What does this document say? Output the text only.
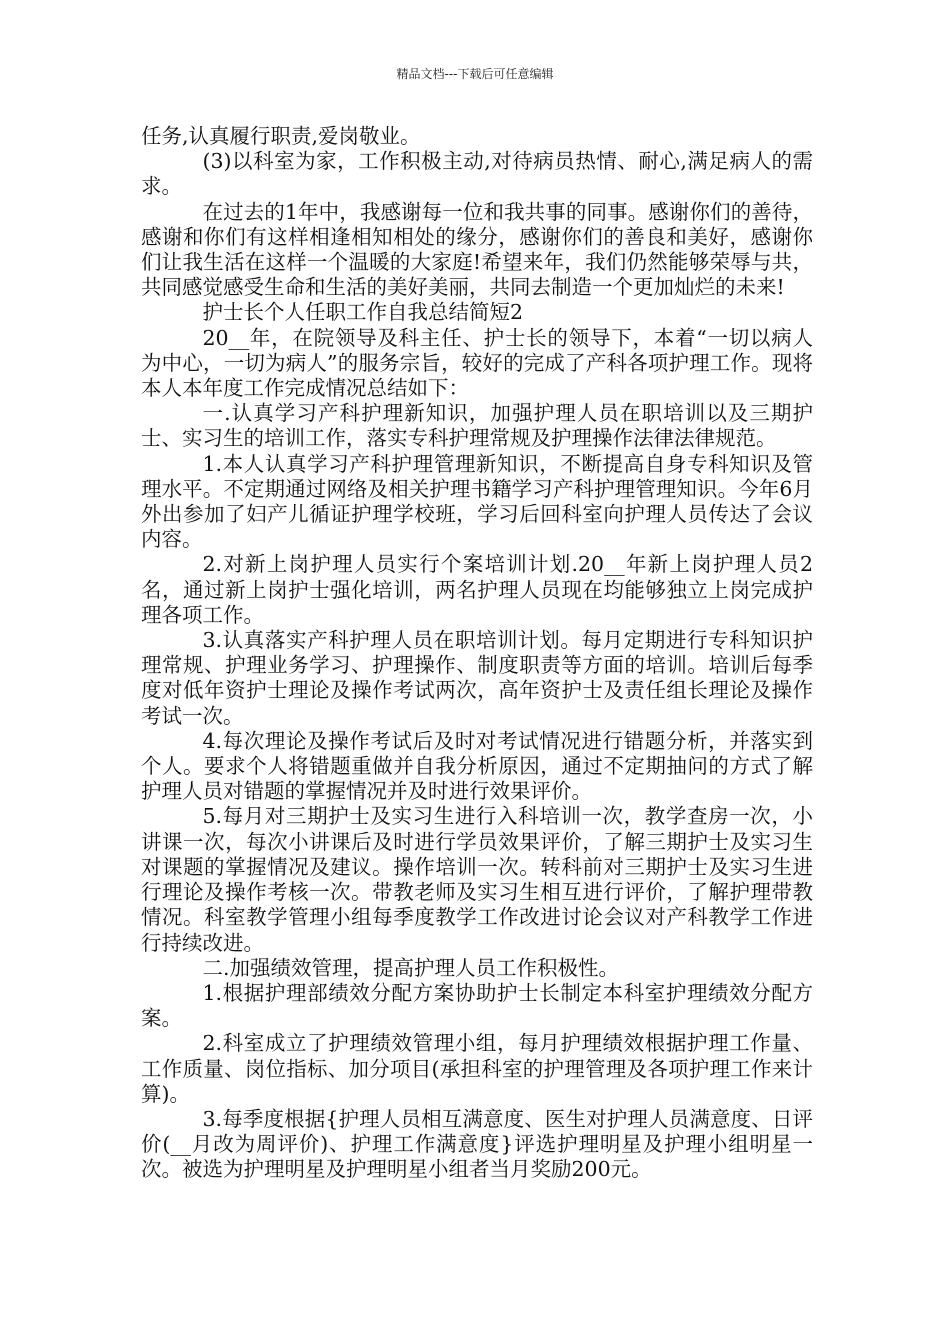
精品文档---下载后可任意编辑

任务,认真履行职责,爱岗敬业。

(3)以科室为家，工作积极主动,对待病员热情、耐心,满足病人的需求。

在过去的1年中，我感谢每一位和我共事的同事。感谢你们的善待，感谢和你们有这样相逢相知相处的缘分，感谢你们的善良和美好，感谢你们让我生活在这样一个温暖的大家庭!希望来年，我们仍然能够荣辱与共，共同感觉感受生命和生活的美好美丽，共同去制造一个更加灿烂的未来!

护士长个人任职工作自我总结简短2

20__年，在院领导及科主任、护士长的领导下，本着“一切以病人为中心，一切为病人”的服务宗旨，较好的完成了产科各项护理工作。现将本人本年度工作完成情况总结如下：

一.认真学习产科护理新知识，加强护理人员在职培训以及三期护士、实习生的培训工作，落实专科护理常规及护理操作法律法律规范。

1.本人认真学习产科护理管理新知识，不断提高自身专科知识及管理水平。不定期通过网络及相关护理书籍学习产科护理管理知识。今年6月外出参加了妇产儿循证护理学校班，学习后回科室向护理人员传达了会议内容。

2.对新上岗护理人员实行个案培训计划.20__年新上岗护理人员2名，通过新上岗护士强化培训，两名护理人员现在均能够独立上岗完成护理各项工作。

3.认真落实产科护理人员在职培训计划。每月定期进行专科知识护理常规、护理业务学习、护理操作、制度职责等方面的培训。培训后每季度对低年资护士理论及操作考试两次，高年资护士及责任组长理论及操作考试一次。

4.每次理论及操作考试后及时对考试情况进行错题分析，并落实到个人。要求个人将错题重做并自我分析原因，通过不定期抽问的方式了解护理人员对错题的掌握情况并及时进行效果评价。

5.每月对三期护士及实习生进行入科培训一次，教学查房一次，小讲课一次，每次小讲课后及时进行学员效果评价，了解三期护士及实习生对课题的掌握情况及建议。操作培训一次。转科前对三期护士及实习生进行理论及操作考核一次。带教老师及实习生相互进行评价，了解护理带教情况。科室教学管理小组每季度教学工作改进讨论会议对产科教学工作进行持续改进。

二.加强绩效管理，提高护理人员工作积极性。

1.根据护理部绩效分配方案协助护士长制定本科室护理绩效分配方案。

2.科室成立了护理绩效管理小组，每月护理绩效根据护理工作量、工作质量、岗位指标、加分项目(承担科室的护理管理及各项护理工作来计算)。

3.每季度根据{护理人员相互满意度、医生对护理人员满意度、日评价(__月改为周评价)、护理工作满意度}评选护理明星及护理小组明星一次。被选为护理明星及护理明星小组者当月奖励200元。
